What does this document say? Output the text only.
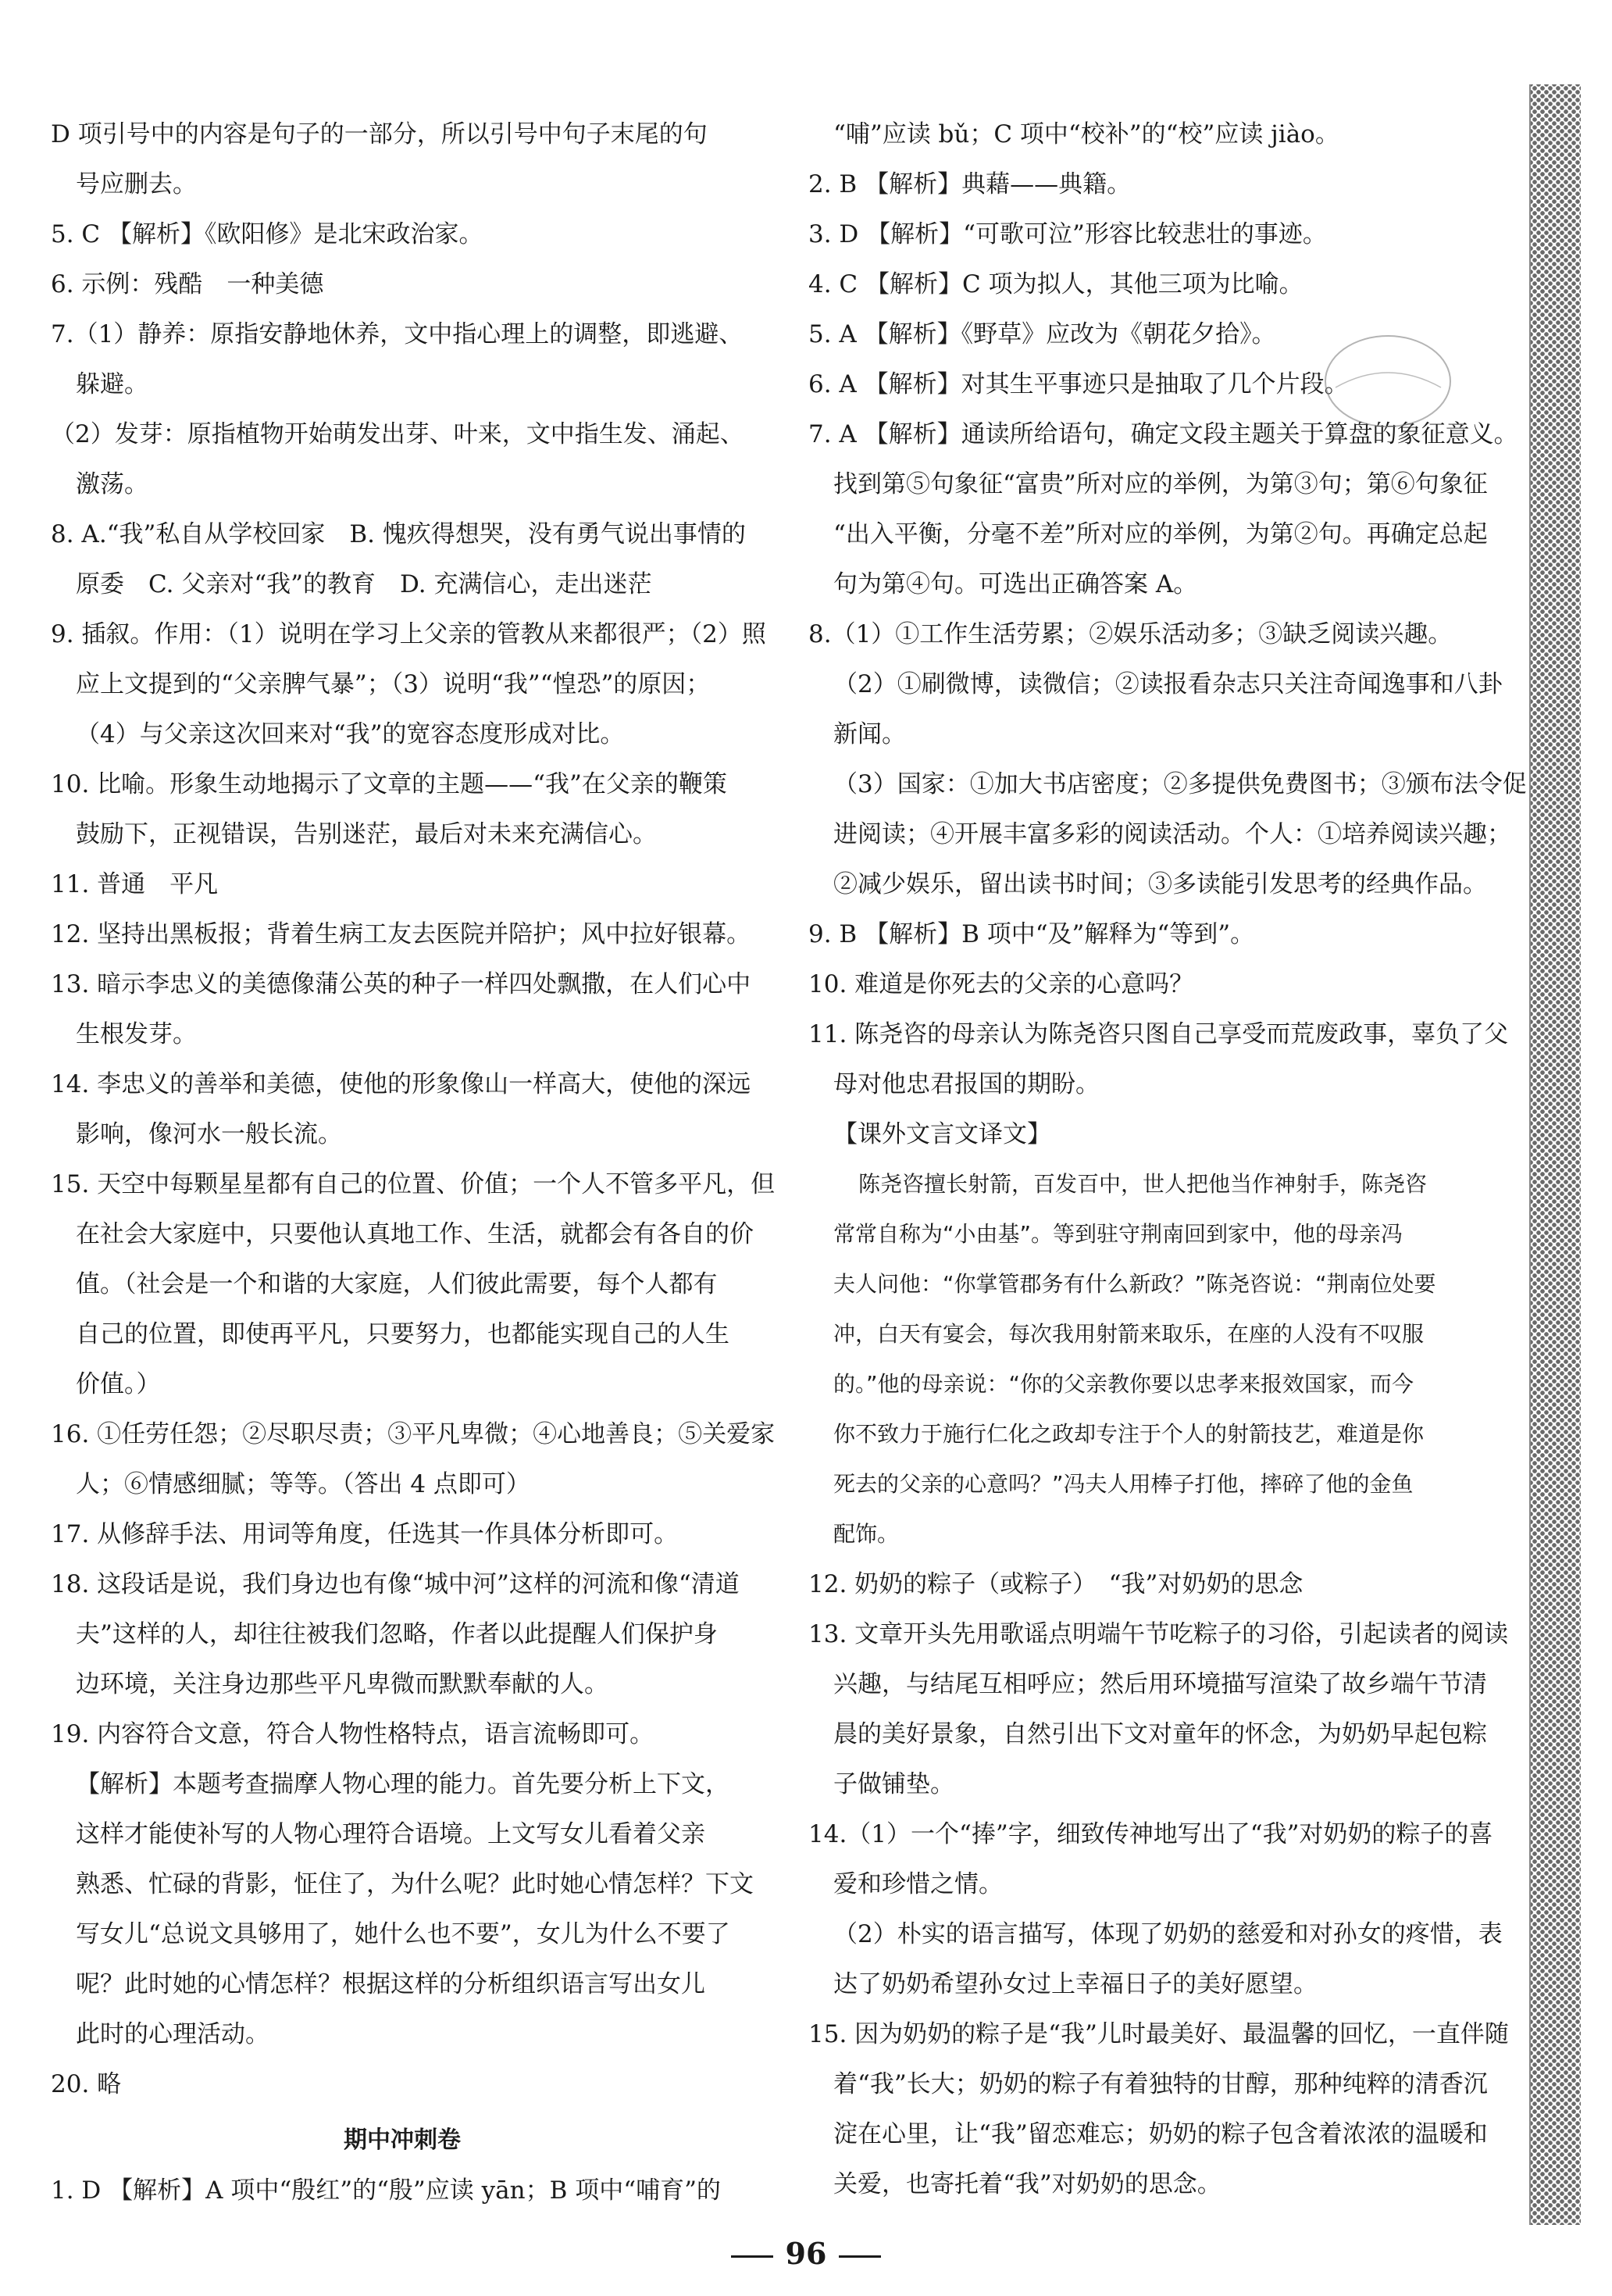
D 项引号中的内容是句子的一部分，所以引号中句子末尾的句
号应删去。
5. C 【解析】《欧阳修》是北宋政治家。
6. 示例：残酷　一种美德
7.（1）静养：原指安静地休养，文中指心理上的调整，即逃避、
躲避。
（2）发芽：原指植物开始萌发出芽、叶来，文中指生发、涌起、
激荡。
8. A.“我”私自从学校回家　B. 愧疚得想哭，没有勇气说出事情的
原委　C. 父亲对“我”的教育　D. 充满信心，走出迷茫
9. 插叙。作用：（1）说明在学习上父亲的管教从来都很严；（2）照
应上文提到的“父亲脾气暴”；（3）说明“我”“惶恐”的原因；
（4）与父亲这次回来对“我”的宽容态度形成对比。
10. 比喻。形象生动地揭示了文章的主题——“我”在父亲的鞭策
鼓励下，正视错误，告别迷茫，最后对未来充满信心。
11. 普通　平凡
12. 坚持出黑板报；背着生病工友去医院并陪护；风中拉好银幕。
13. 暗示李忠义的美德像蒲公英的种子一样四处飘撒，在人们心中
生根发芽。
14. 李忠义的善举和美德，使他的形象像山一样高大，使他的深远
影响，像河水一般长流。
15. 天空中每颗星星都有自己的位置、价值；一个人不管多平凡，但
在社会大家庭中，只要他认真地工作、生活，就都会有各自的价
值。（社会是一个和谐的大家庭，人们彼此需要，每个人都有
自己的位置，即使再平凡，只要努力，也都能实现自己的人生
价值。）
16. ①任劳任怨；②尽职尽责；③平凡卑微；④心地善良；⑤关爱家
人；⑥情感细腻；等等。（答出 4 点即可）
17. 从修辞手法、用词等角度，任选其一作具体分析即可。
18. 这段话是说，我们身边也有像“城中河”这样的河流和像“清道
夫”这样的人，却往往被我们忽略，作者以此提醒人们保护身
边环境，关注身边那些平凡卑微而默默奉献的人。
19. 内容符合文意，符合人物性格特点，语言流畅即可。
【解析】本题考查揣摩人物心理的能力。首先要分析上下文，
这样才能使补写的人物心理符合语境。上文写女儿看着父亲
熟悉、忙碌的背影，怔住了，为什么呢？此时她心情怎样？下文
写女儿“总说文具够用了，她什么也不要”，女儿为什么不要了
呢？此时她的心情怎样？根据这样的分析组织语言写出女儿
此时的心理活动。
20. 略
期中冲刺卷
1. D 【解析】A 项中“殷红”的“殷”应读 yān；B 项中“哺育”的
“哺”应读 bǔ；C 项中“校补”的“校”应读 jiào。
2. B 【解析】典藉——典籍。
3. D 【解析】“可歌可泣”形容比较悲壮的事迹。
4. C 【解析】C 项为拟人，其他三项为比喻。
5. A 【解析】《野草》应改为《朝花夕拾》。
6. A 【解析】对其生平事迹只是抽取了几个片段。
7. A 【解析】通读所给语句，确定文段主题关于算盘的象征意义。
找到第⑤句象征“富贵”所对应的举例，为第③句；第⑥句象征
“出入平衡，分毫不差”所对应的举例，为第②句。再确定总起
句为第④句。可选出正确答案 A。
8.（1）①工作生活劳累；②娱乐活动多；③缺乏阅读兴趣。
（2）①刷微博，读微信；②读报看杂志只关注奇闻逸事和八卦
新闻。
（3）国家：①加大书店密度；②多提供免费图书；③颁布法令促
进阅读；④开展丰富多彩的阅读活动。个人：①培养阅读兴趣；
②减少娱乐，留出读书时间；③多读能引发思考的经典作品。
9. B 【解析】B 项中“及”解释为“等到”。
10. 难道是你死去的父亲的心意吗？
11. 陈尧咨的母亲认为陈尧咨只图自己享受而荒废政事，辜负了父
母对他忠君报国的期盼。
【课外文言文译文】
陈尧咨擅长射箭，百发百中，世人把他当作神射手，陈尧咨
常常自称为“小由基”。等到驻守荆南回到家中，他的母亲冯
夫人问他：“你掌管郡务有什么新政？”陈尧咨说：“荆南位处要
冲，白天有宴会，每次我用射箭来取乐，在座的人没有不叹服
的。”他的母亲说：“你的父亲教你要以忠孝来报效国家，而今
你不致力于施行仁化之政却专注于个人的射箭技艺，难道是你
死去的父亲的心意吗？”冯夫人用棒子打他，摔碎了他的金鱼
配饰。
12. 奶奶的粽子（或粽子）　“我”对奶奶的思念
13. 文章开头先用歌谣点明端午节吃粽子的习俗，引起读者的阅读
兴趣，与结尾互相呼应；然后用环境描写渲染了故乡端午节清
晨的美好景象，自然引出下文对童年的怀念，为奶奶早起包粽
子做铺垫。
14.（1）一个“捧”字，细致传神地写出了“我”对奶奶的粽子的喜
爱和珍惜之情。
（2）朴实的语言描写，体现了奶奶的慈爱和对孙女的疼惜，表
达了奶奶希望孙女过上幸福日子的美好愿望。
15. 因为奶奶的粽子是“我”儿时最美好、最温馨的回忆，一直伴随
着“我”长大；奶奶的粽子有着独特的甘醇，那种纯粹的清香沉
淀在心里，让“我”留恋难忘；奶奶的粽子包含着浓浓的温暖和
关爱，也寄托着“我”对奶奶的思念。
96
